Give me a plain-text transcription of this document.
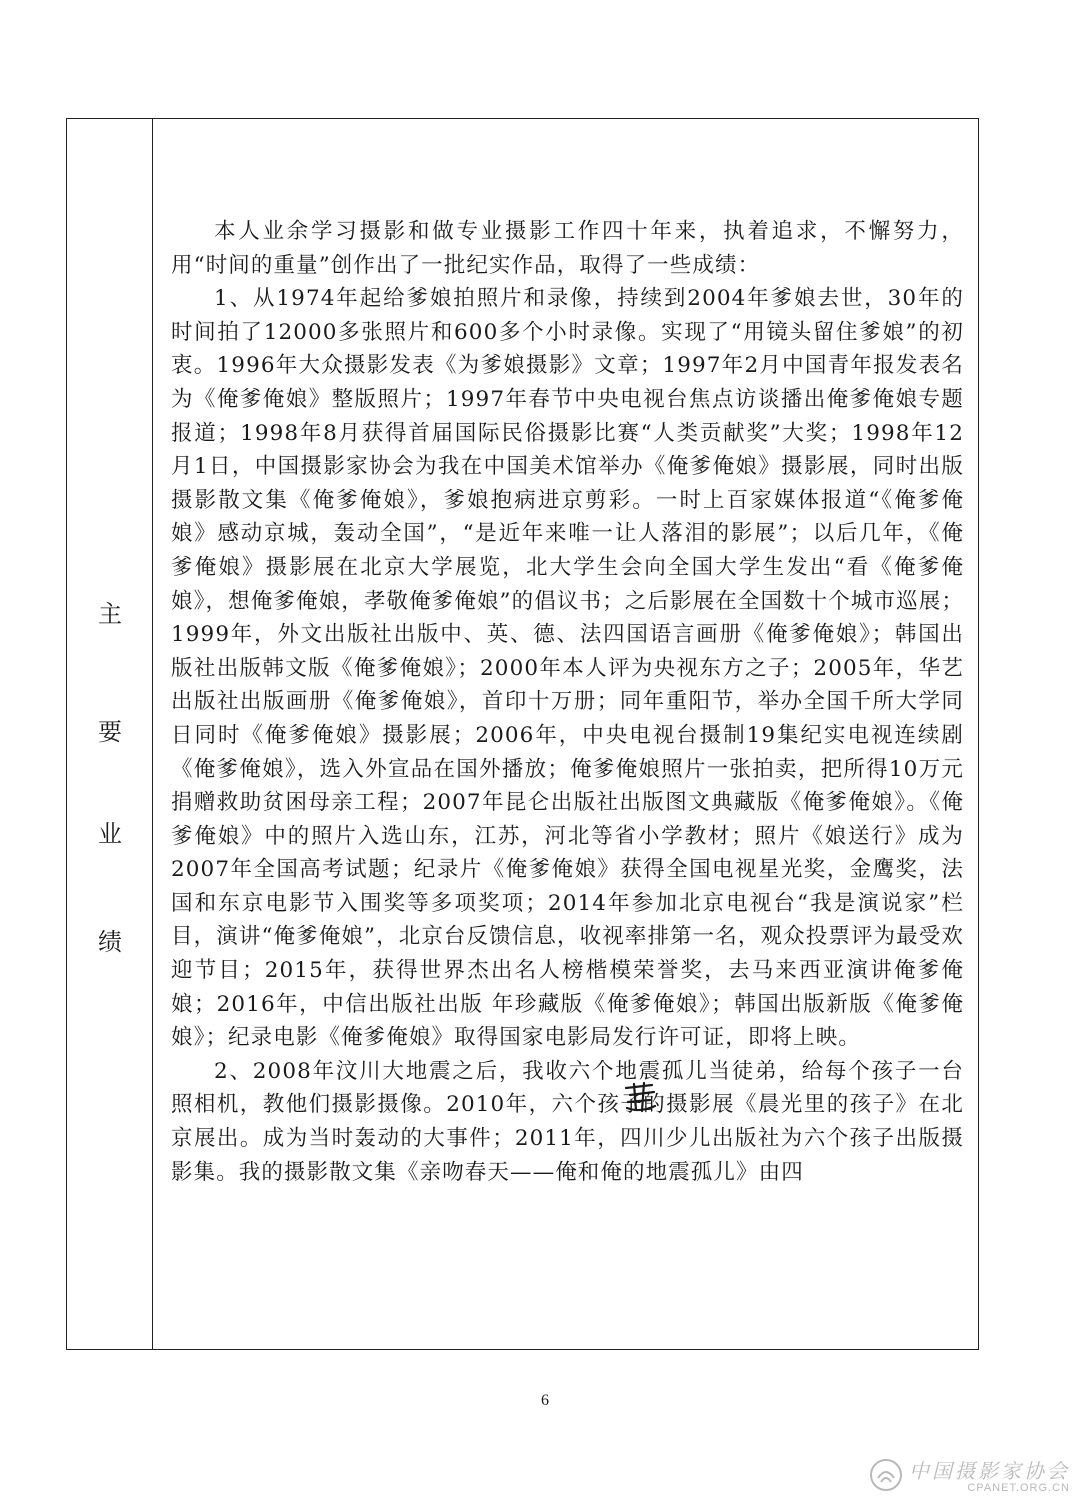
主
要
业
绩

本人业余学习摄影和做专业摄影工作四十年来，执着追求，不懈努力，用“时间的重量”创作出了一批纪实作品，取得了一些成绩：

1、从1974年起给爹娘拍照片和录像，持续到2004年爹娘去世，30年的时间拍了12000多张照片和600多个小时录像。实现了“用镜头留住爹娘”的初衷。1996年大众摄影发表《为爹娘摄影》文章；1997年2月中国青年报发表名为《俺爹俺娘》整版照片；1997年春节中央电视台焦点访谈播出俺爹俺娘专题报道；1998年8月获得首届国际民俗摄影比赛“人类贡献奖”大奖；1998年12月1日，中国摄影家协会为我在中国美术馆举办《俺爹俺娘》摄影展，同时出版摄影散文集《俺爹俺娘》，爹娘抱病进京剪彩。一时上百家媒体报道“《俺爹俺娘》感动京城，轰动全国”，“是近年来唯一让人落泪的影展”；以后几年，《俺爹俺娘》摄影展在北京大学展览，北大学生会向全国大学生发出“看《俺爹俺娘》，想俺爹俺娘，孝敬俺爹俺娘”的倡议书；之后影展在全国数十个城市巡展；1999年，外文出版社出版中、英、德、法四国语言画册《俺爹俺娘》；韩国出版社出版韩文版《俺爹俺娘》；2000年本人评为央视东方之子；2005年，华艺出版社出版画册《俺爹俺娘》，首印十万册；同年重阳节，举办全国千所大学同日同时《俺爹俺娘》摄影展；2006年，中央电视台摄制19集纪实电视连续剧《俺爹俺娘》，选入外宣品在国外播放；俺爹俺娘照片一张拍卖，把所得10万元捐赠救助贫困母亲工程；2007年昆仑出版社出版图文典藏版《俺爹俺娘》。《俺爹俺娘》中的照片入选山东，江苏，河北等省小学教材；照片《娘送行》成为2007年全国高考试题；纪录片《俺爹俺娘》获得全国电视星光奖，金鹰奖，法国和东京电影节入围奖等多项奖项；2014年参加北京电视台“我是演说家”栏目，演讲“俺爹俺娘”，北京台反馈信息，收视率排第一名，观众投票评为最受欢迎节目；2015年，获得世界杰出名人榜楷模荣誉奖，去马来西亚演讲俺爹俺娘；2016年，中信出版社出版 年珍藏版《俺爹俺娘》；韩国出版新版《俺爹俺娘》；纪录电影《俺爹俺娘》取得国家电影局发行许可证，即将上映。

2、2008年汶川大地震之后，我收六个地震孤儿当徒弟，给每个孩子一台照相机，教他们摄影摄像。2010年，六个孩子的摄影展《晨光里的孩子》在北京展出。成为当时轰动的大事件；2011年，四川少儿出版社为六个孩子出版摄影集。我的摄影散文集《亲吻春天——俺和俺的地震孤儿》由四

6
中国摄影家协会
CPANET.ORG.CN
